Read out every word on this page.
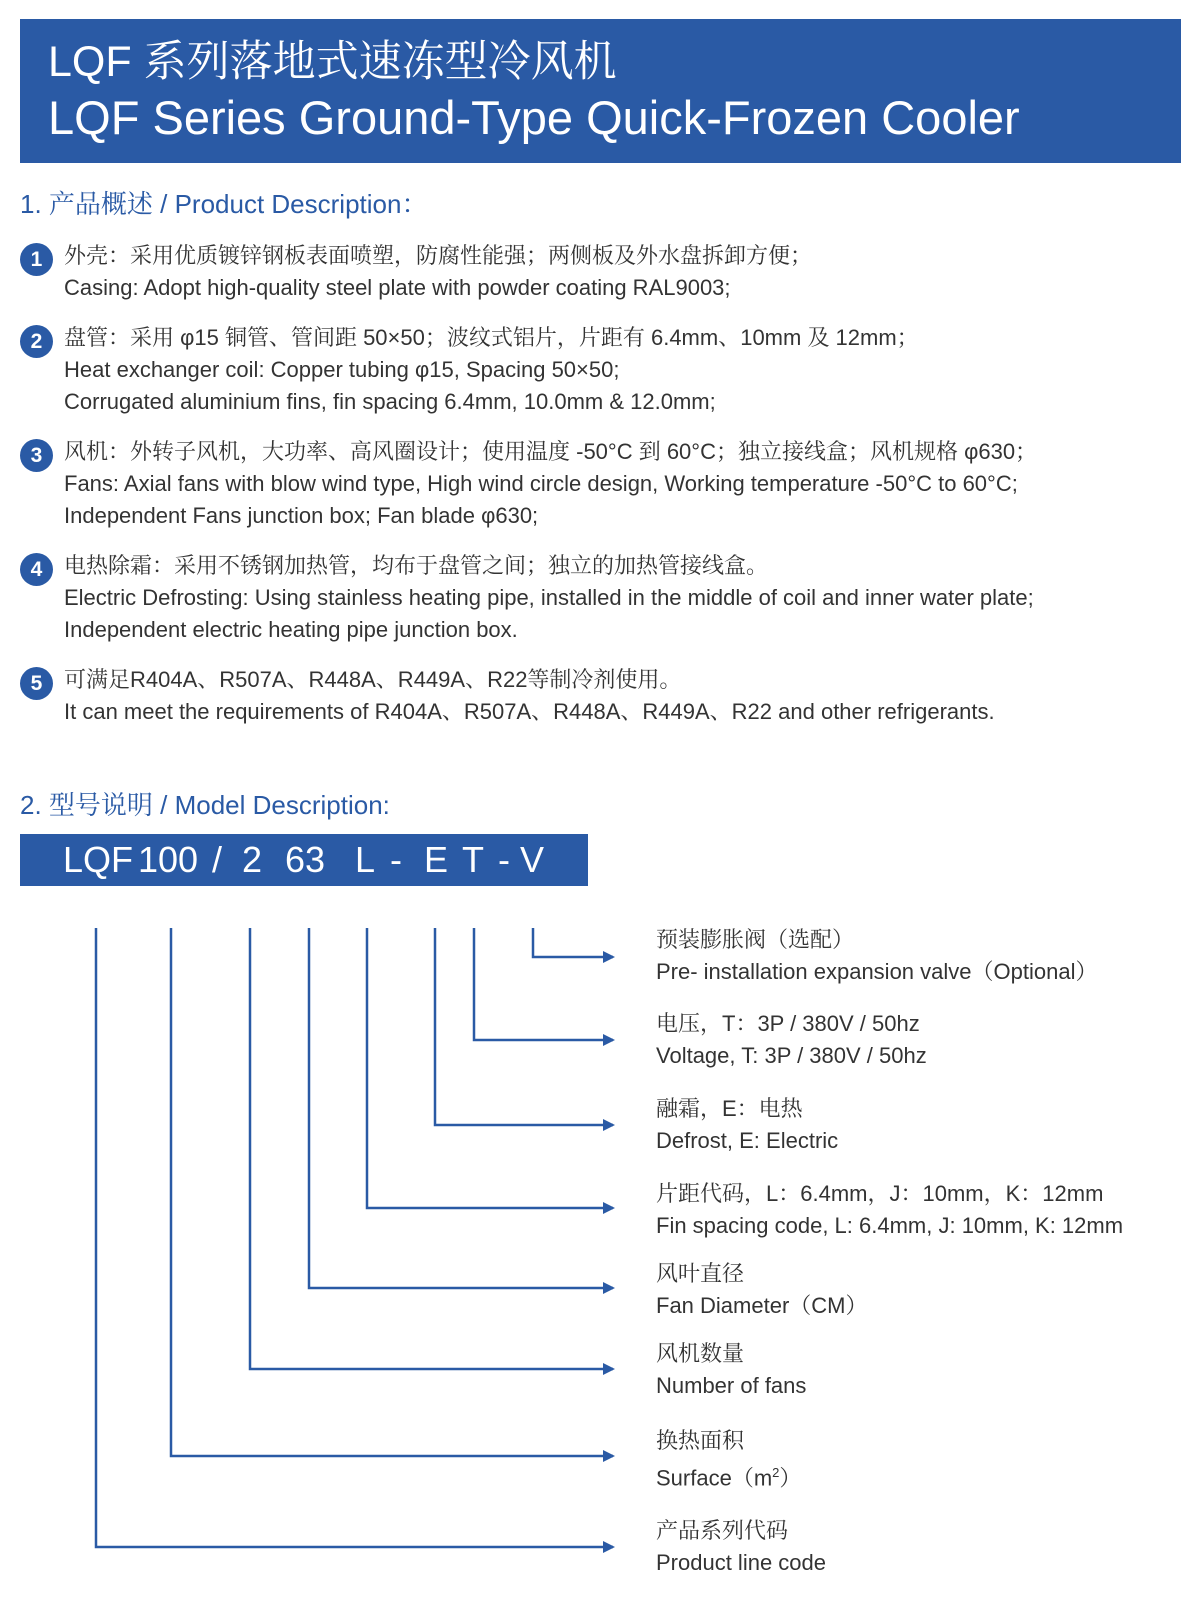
LQF 系列落地式速冻型冷风机
LQF Series Ground-Type Quick-Frozen Cooler
1. 产品概述 / Product Description：
1 外壳：采用优质镀锌钢板表面喷塑，防腐性能强；两侧板及外水盘拆卸方便；
Casing: Adopt high-quality steel plate with powder coating RAL9003;
2 盘管：采用 φ15 铜管、管间距 50×50；波纹式铝片，片距有 6.4mm、10mm 及 12mm；
Heat exchanger coil: Copper tubing φ15, Spacing 50×50;
Corrugated aluminium fins, fin spacing 6.4mm, 10.0mm & 12.0mm;
3 风机：外转子风机，大功率、高风圈设计；使用温度 -50°C 到 60°C；独立接线盒；风机规格 φ630；
Fans: Axial fans with blow wind type, High wind circle design, Working temperature -50°C to 60°C;
Independent Fans junction box; Fan blade φ630;
4 电热除霜：采用不锈钢加热管，均布于盘管之间；独立的加热管接线盒。
Electric Defrosting: Using stainless heating pipe, installed in the middle of coil and inner water plate;
Independent electric heating pipe junction box.
5 可满足R404A、R507A、R448A、R449A、R22等制冷剂使用。
It can meet the requirements of R404A、R507A、R448A、R449A、R22 and other refrigerants.
2. 型号说明 / Model Description:
LQF 100 / 2 63 L - E T - V
预装膨胀阀（选配）
Pre- installation expansion valve（Optional）
电压，T：3P / 380V / 50hz
Voltage, T: 3P / 380V / 50hz
融霜，E：电热
Defrost, E: Electric
片距代码，L：6.4mm，J：10mm，K：12mm
Fin spacing code, L: 6.4mm, J: 10mm, K: 12mm
风叶直径
Fan Diameter（CM）
风机数量
Number of fans
换热面积
$Surface(m^2)$
产品系列代码
Product line code
